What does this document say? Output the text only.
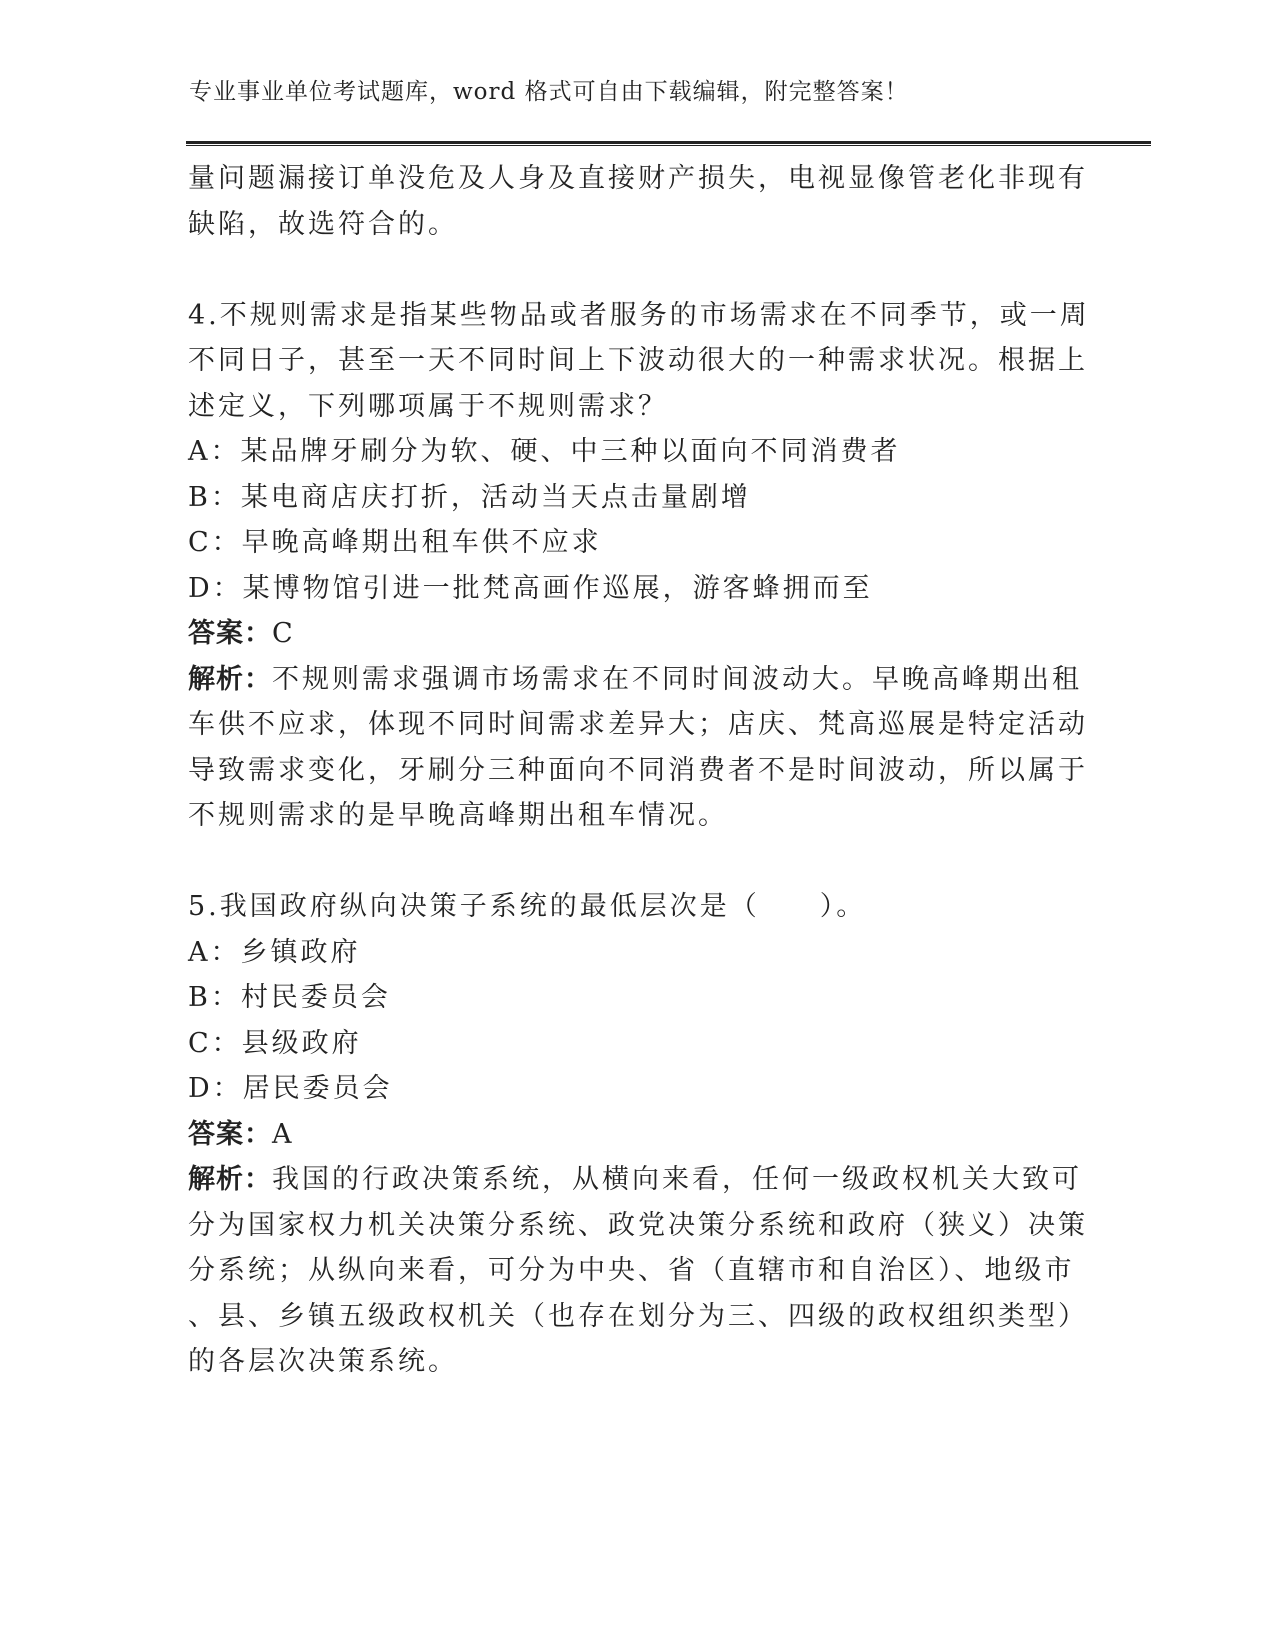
专业事业单位考试题库，word 格式可自由下载编辑，附完整答案！
量问题漏接订单没危及人身及直接财产损失，电视显像管老化非现有
缺陷，故选符合的。
4.不规则需求是指某些物品或者服务的市场需求在不同季节，或一周
不同日子，甚至一天不同时间上下波动很大的一种需求状况。根据上
述定义，下列哪项属于不规则需求？
A：某品牌牙刷分为软、硬、中三种以面向不同消费者
B：某电商店庆打折，活动当天点击量剧增
C：早晚高峰期出租车供不应求
D：某博物馆引进一批梵高画作巡展，游客蜂拥而至
答案：C
解析：不规则需求强调市场需求在不同时间波动大。早晚高峰期出租
车供不应求，体现不同时间需求差异大；店庆、梵高巡展是特定活动
导致需求变化，牙刷分三种面向不同消费者不是时间波动，所以属于
不规则需求的是早晚高峰期出租车情况。
5.我国政府纵向决策子系统的最低层次是（　　）。
A：乡镇政府
B：村民委员会
C：县级政府
D：居民委员会
答案：A
解析：我国的行政决策系统，从横向来看，任何一级政权机关大致可
分为国家权力机关决策分系统、政党决策分系统和政府（狭义）决策
分系统；从纵向来看，可分为中央、省（直辖市和自治区）、地级市
、县、乡镇五级政权机关（也存在划分为三、四级的政权组织类型）
的各层次决策系统。
